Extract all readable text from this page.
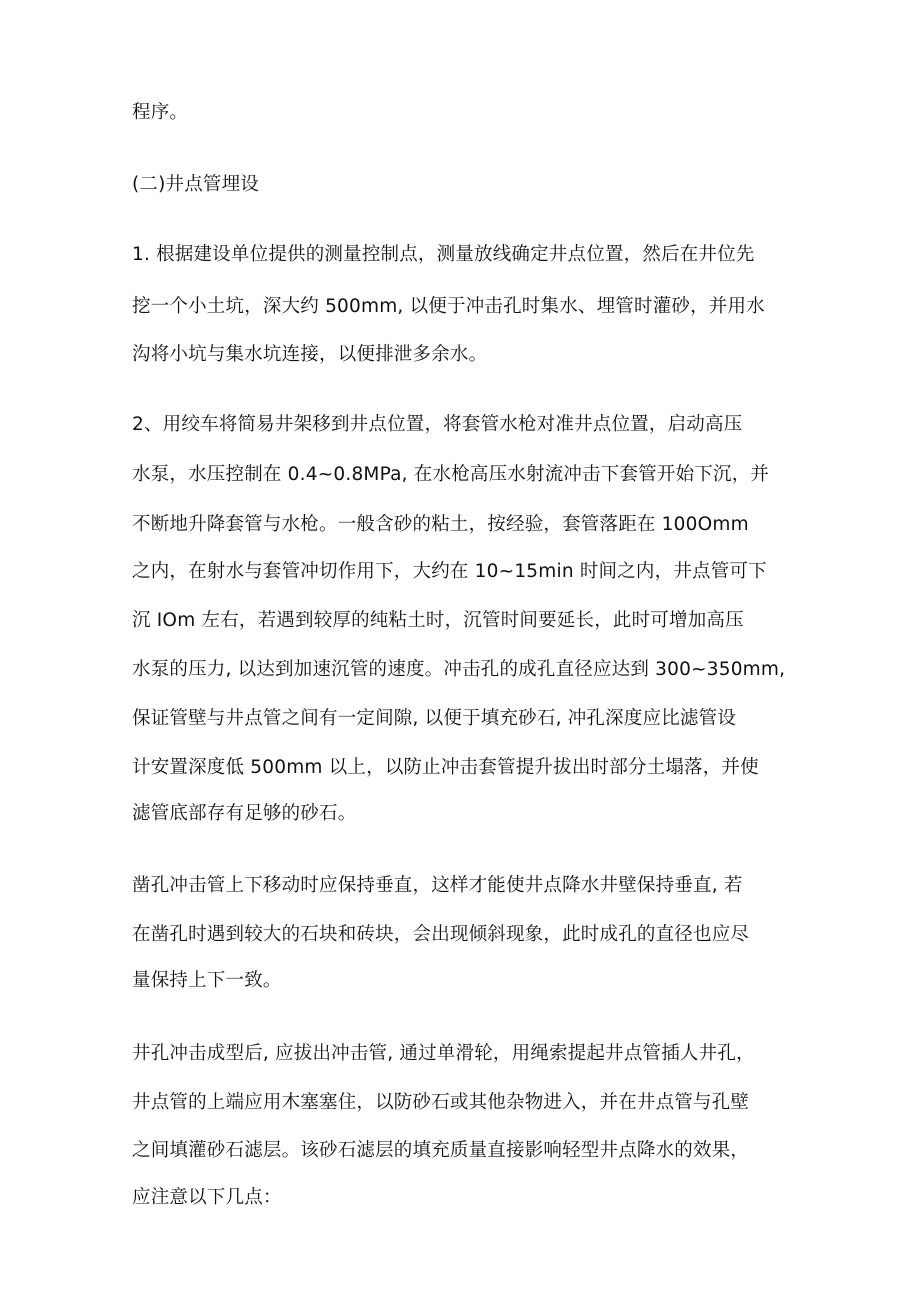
程序。
(二)井点管埋设
1. 根据建设单位提供的测量控制点，测量放线确定井点位置，然后在井位先
挖一个小土坑，深大约 500mm, 以便于冲击孔时集水、埋管时灌砂，并用水
沟将小坑与集水坑连接，以便排泄多余水。
2、用绞车将简易井架移到井点位置，将套管水枪对准井点位置，启动高压
水泵，水压控制在 0.4~0.8MPa, 在水枪高压水射流冲击下套管开始下沉，并
不断地升降套管与水枪。一般含砂的粘土，按经验，套管落距在 100Omm
之内，在射水与套管冲切作用下，大约在 10~15min 时间之内，井点管可下
沉 IOm 左右，若遇到较厚的纯粘土时，沉管时间要延长，此时可增加高压
水泵的压力, 以达到加速沉管的速度。冲击孔的成孔直径应达到 300~350mm,
保证管壁与井点管之间有一定间隙, 以便于填充砂石, 冲孔深度应比滤管设
计安置深度低 500mm 以上，以防止冲击套管提升拔出时部分土塌落，并使
滤管底部存有足够的砂石。
凿孔冲击管上下移动时应保持垂直，这样才能使井点降水井壁保持垂直, 若
在凿孔时遇到较大的石块和砖块，会出现倾斜现象，此时成孔的直径也应尽
量保持上下一致。
井孔冲击成型后, 应拔出冲击管, 通过单滑轮，用绳索提起井点管插人井孔，
井点管的上端应用木塞塞住，以防砂石或其他杂物进入，并在井点管与孔壁
之间填灌砂石滤层。该砂石滤层的填充质量直接影响轻型井点降水的效果，
应注意以下几点：
